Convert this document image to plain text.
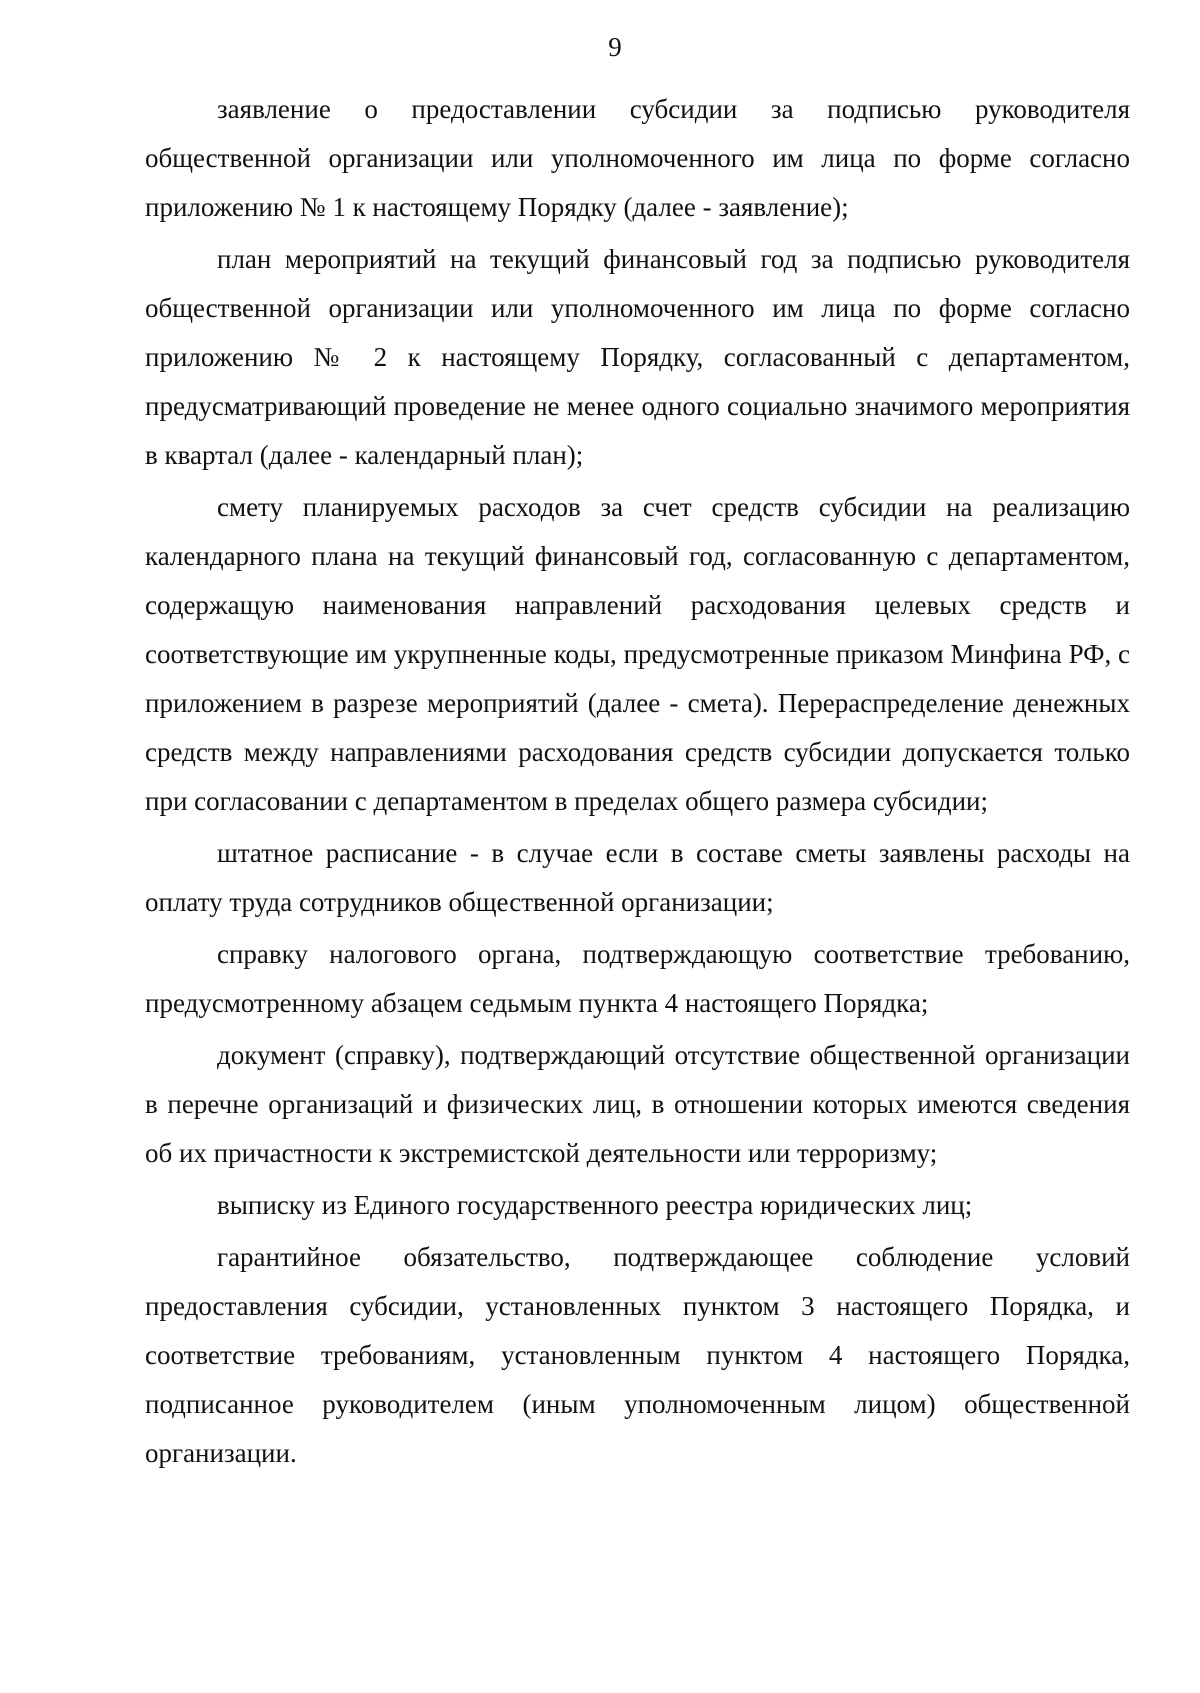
9

заявление о предоставлении субсидии за подписью руководителя общественной организации или уполномоченного им лица по форме согласно приложению № 1 к настоящему Порядку (далее - заявление);

план мероприятий на текущий финансовый год за подписью руководителя общественной организации или уполномоченного им лица по форме согласно приложению № 2 к настоящему Порядку, согласованный с департаментом, предусматривающий проведение не менее одного социально значимого мероприятия в квартал (далее - календарный план);

смету планируемых расходов за счет средств субсидии на реализацию календарного плана на текущий финансовый год, согласованную с департаментом, содержащую наименования направлений расходования целевых средств и соответствующие им укрупненные коды, предусмотренные приказом Минфина РФ, с приложением в разрезе мероприятий (далее - смета). Перераспределение денежных средств между направлениями расходования средств субсидии допускается только при согласовании с департаментом в пределах общего размера субсидии;

штатное расписание - в случае если в составе сметы заявлены расходы на оплату труда сотрудников общественной организации;

справку налогового органа, подтверждающую соответствие требованию, предусмотренному абзацем седьмым пункта 4 настоящего Порядка;

документ (справку), подтверждающий отсутствие общественной организации в перечне организаций и физических лиц, в отношении которых имеются сведения об их причастности к экстремистской деятельности или терроризму;

выписку из Единого государственного реестра юридических лиц;

гарантийное обязательство, подтверждающее соблюдение условий предоставления субсидии, установленных пунктом 3 настоящего Порядка, и соответствие требованиям, установленным пунктом 4 настоящего Порядка, подписанное руководителем (иным уполномоченным лицом) общественной организации.
